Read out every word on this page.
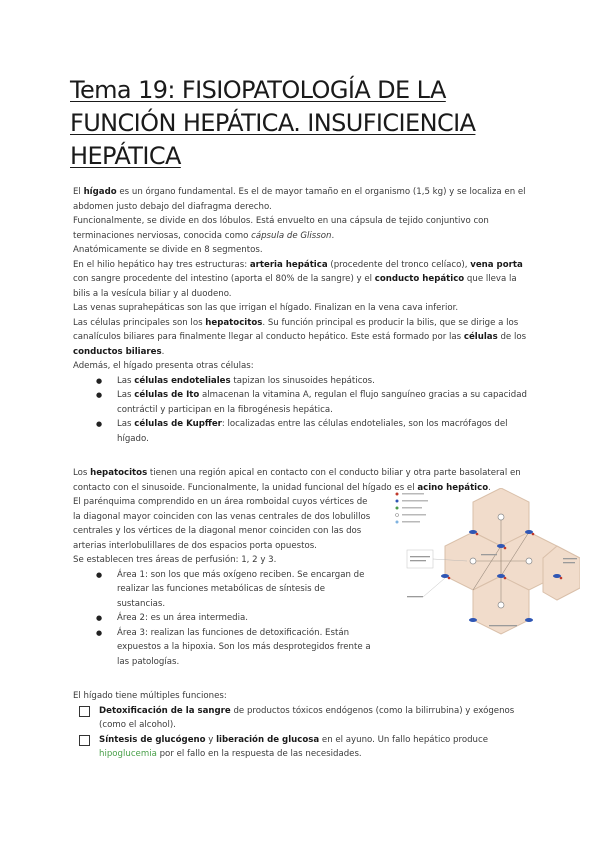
Tema 19: FISIOPATOLOGÍA DE LA FUNCIÓN HEPÁTICA. INSUFICIENCIA HEPÁTICA

El hígado es un órgano fundamental. Es el de mayor tamaño en el organismo (1,5 kg) y se localiza en el abdomen justo debajo del diafragma derecho.

Funcionalmente, se divide en dos lóbulos. Está envuelto en una cápsula de tejido conjuntivo con terminaciones nerviosas, conocida como cápsula de Glisson.

Anatómicamente se divide en 8 segmentos.

En el hilio hepático hay tres estructuras: arteria hepática (procedente del tronco celíaco), vena porta con sangre procedente del intestino (aporta el 80% de la sangre) y el conducto hepático que lleva la bilis a la vesícula biliar y al duodeno.

Las venas suprahepáticas son las que irrigan el hígado. Finalizan en la vena cava inferior.

Las células principales son los hepatocitos. Su función principal es producir la bilis, que se dirige a los canalículos biliares para finalmente llegar al conducto hepático. Este está formado por las células de los conductos biliares.

Además, el hígado presenta otras células:

● Las células endoteliales tapizan los sinusoides hepáticos.
● Las células de Ito almacenan la vitamina A, regulan el flujo sanguíneo gracias a su capacidad contráctil y participan en la fibrogénesis hepática.
● Las células de Kupffer: localizadas entre las células endoteliales, son los macrófagos del hígado.

Los hepatocitos tienen una región apical en contacto con el conducto biliar y otra parte basolateral en contacto con el sinusoide. Funcionalmente, la unidad funcional del hígado es el acino hepático.

El parénquima comprendido en un área romboidal cuyos vértices de la diagonal mayor coinciden con las venas centrales de dos lobulillos centrales y los vértices de la diagonal menor coinciden con las dos arterias interlobulillares de dos espacios porta opuestos.

Se establecen tres áreas de perfusión: 1, 2 y 3.

● Área 1: son los que más oxígeno reciben. Se encargan de realizar las funciones metabólicas de síntesis de sustancias.
● Área 2: es un área intermedia.
● Área 3: realizan las funciones de detoxificación. Están expuestos a la hipoxia. Son los más desprotegidos frente a las patologías.

El hígado tiene múltiples funciones:

Detoxificación de la sangre de productos tóxicos endógenos (como la bilirrubina) y exógenos (como el alcohol).
Síntesis de glucógeno y liberación de glucosa en el ayuno. Un fallo hepático produce hipoglucemia por el fallo en la respuesta de las necesidades.
